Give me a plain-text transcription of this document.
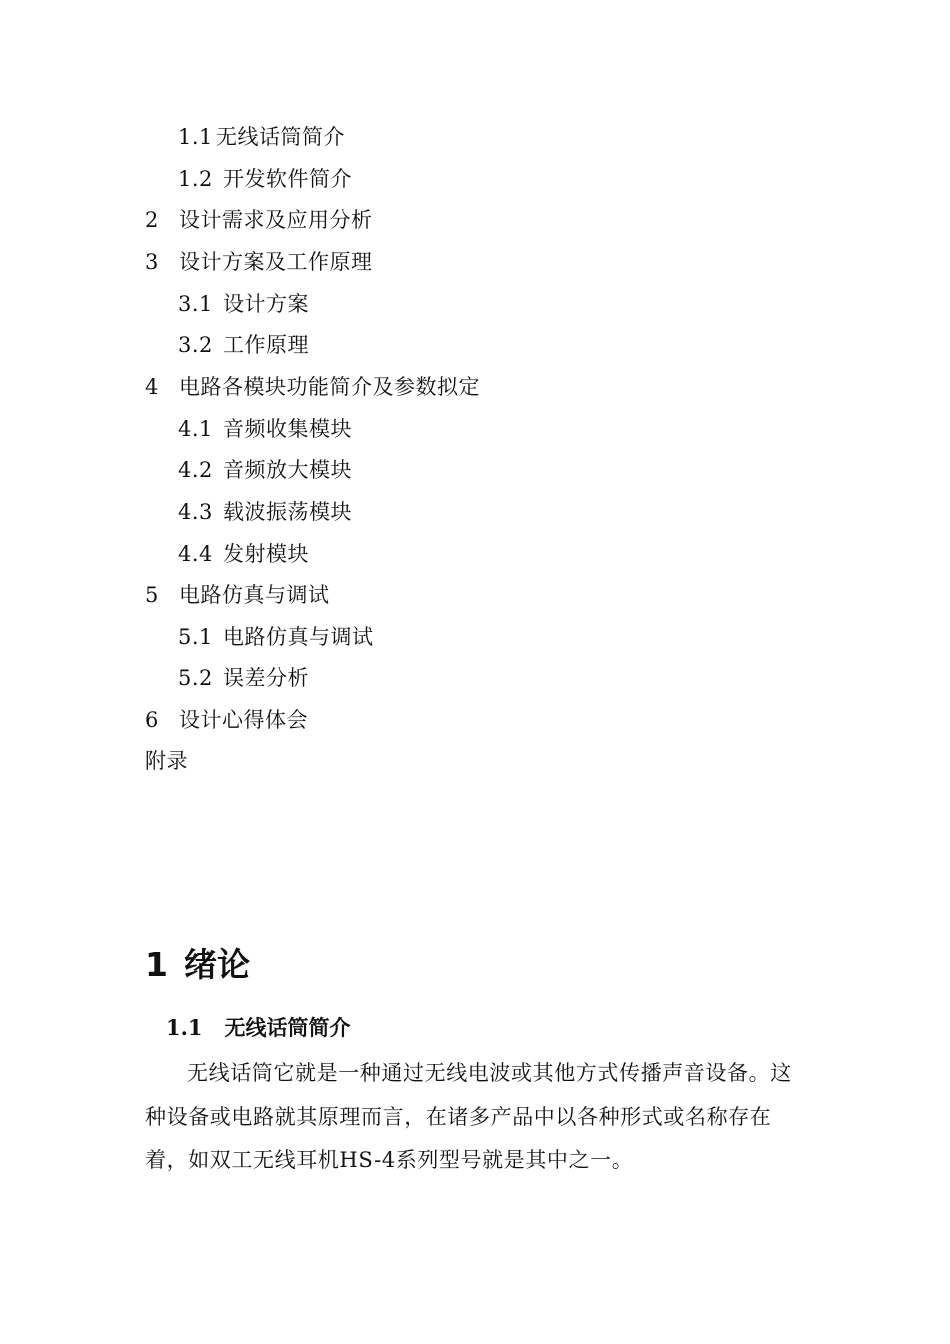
1.1 无线话筒简介
1.2 开发软件简介
2 设计需求及应用分析
3 设计方案及工作原理
3.1 设计方案
3.2 工作原理
4 电路各模块功能简介及参数拟定
4.1 音频收集模块
4.2 音频放大模块
4.3 载波振荡模块
4.4 发射模块
5 电路仿真与调试
5.1 电路仿真与调试
5.2 误差分析
6 设计心得体会
附录
1 绪论
1.1 无线话筒简介
无线话筒它就是一种通过无线电波或其他方式传播声音设备。这种设备或电路就其原理而言，在诸多产品中以各种形式或名称存在着，如双工无线耳机HS-4系列型号就是其中之一。
